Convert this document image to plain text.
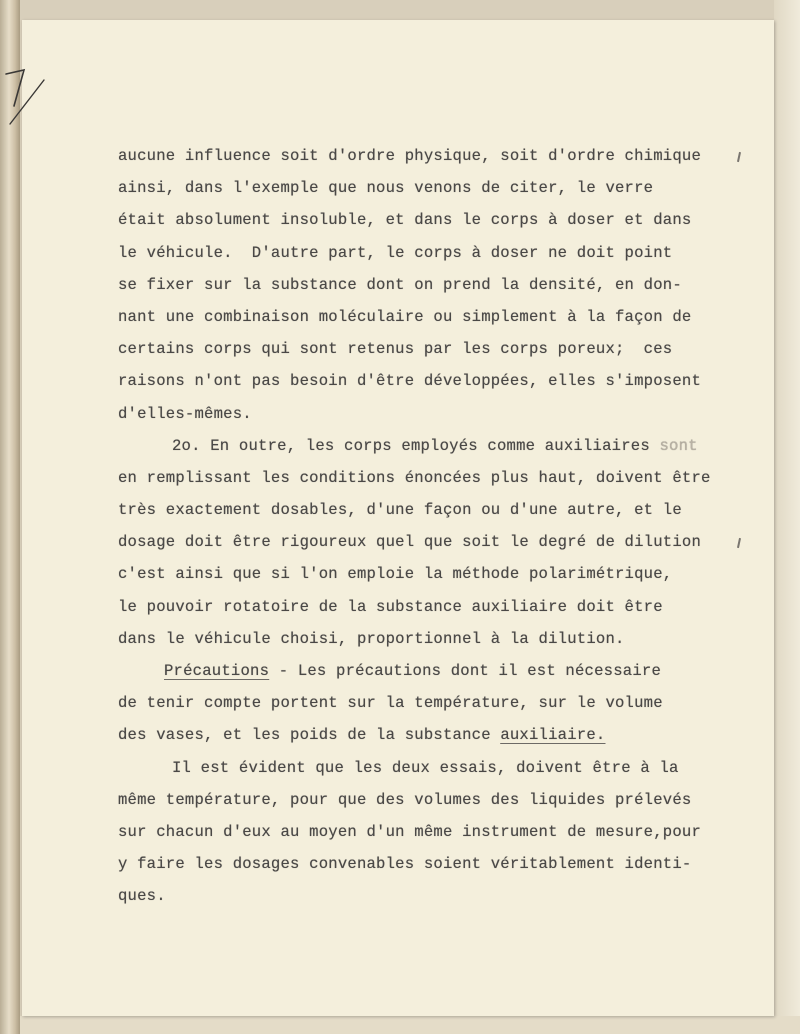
aucune influence soit d'ordre physique, soit d'ordre chimique
ainsi, dans l'exemple que nous venons de citer, le verre
était absolument insoluble, et dans le corps à doser et dans
le véhicule.  D'autre part, le corps à doser ne doit point
se fixer sur la substance dont on prend la densité, en don-
nant une combinaison moléculaire ou simplement à la façon de
certains corps qui sont retenus par les corps poreux;  ces
raisons n'ont pas besoin d'être développées, elles s'imposent
d'elles-mêmes.
2o. En outre, les corps employés comme auxiliaires sont
en remplissant les conditions énoncées plus haut, doivent être
très exactement dosables, d'une façon ou d'une autre, et le
dosage doit être rigoureux quel que soit le degré de dilution
c'est ainsi que si l'on emploie la méthode polarimétrique,
le pouvoir rotatoire de la substance auxiliaire doit être
dans le véhicule choisi, proportionnel à la dilution.
Précautions - Les précautions dont il est nécessaire
de tenir compte portent sur la température, sur le volume
des vases, et les poids de la substance auxiliaire.
Il est évident que les deux essais, doivent être à la
même température, pour que des volumes des liquides prélevés
sur chacun d'eux au moyen d'un même instrument de mesure,pour
y faire les dosages convenables soient véritablement identi-
ques.
